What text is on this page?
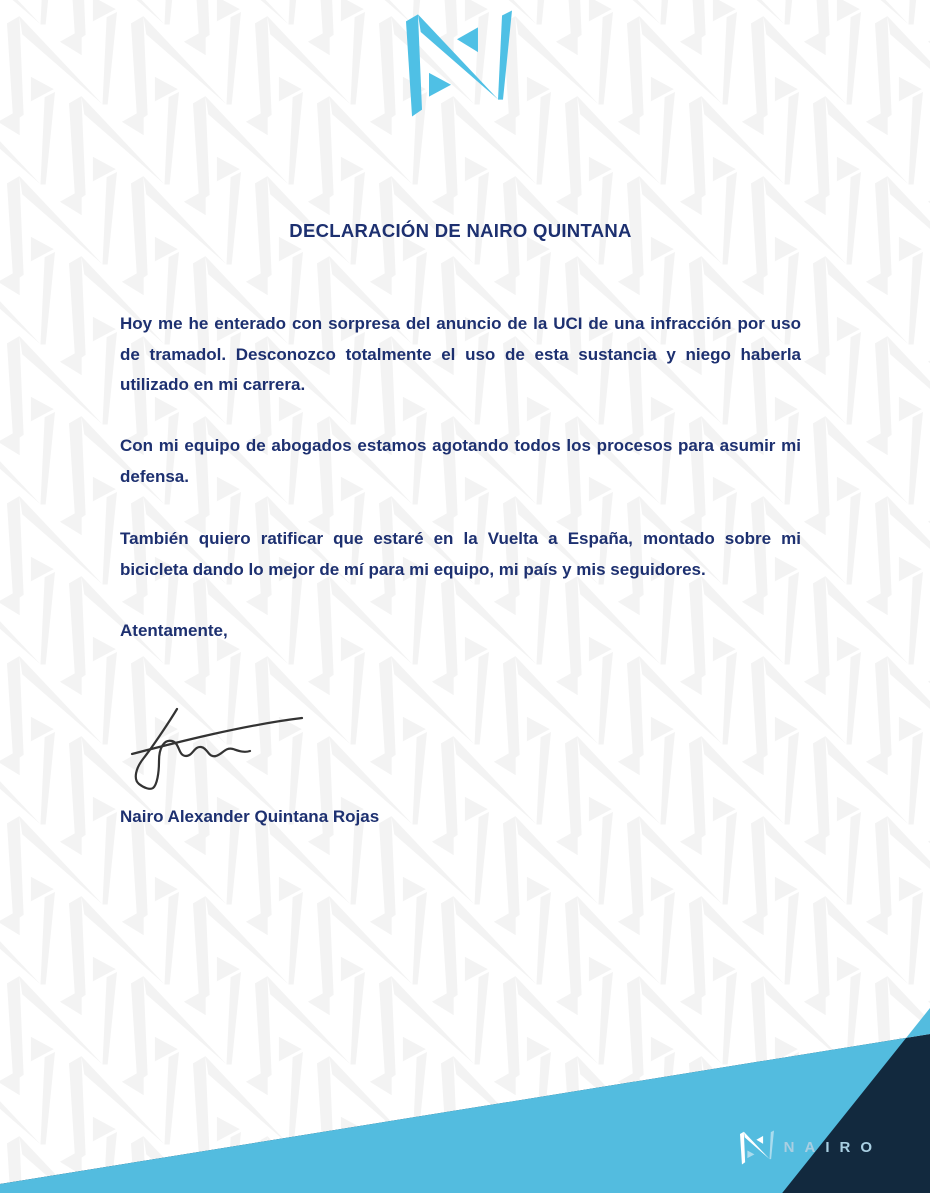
DECLARACIÓN DE NAIRO QUINTANA

Hoy me he enterado con sorpresa del anuncio de la UCI de una infracción por uso de tramadol. Desconozco totalmente el uso de esta sustancia y niego haberla utilizado en mi carrera.

Con mi equipo de abogados estamos agotando todos los procesos para asumir mi defensa.

También quiero ratificar que estaré en la Vuelta a España, montado sobre mi bicicleta dando lo mejor de mí para mi equipo, mi país y mis seguidores.

Atentamente,

Nairo Alexander Quintana Rojas

NAIRO
